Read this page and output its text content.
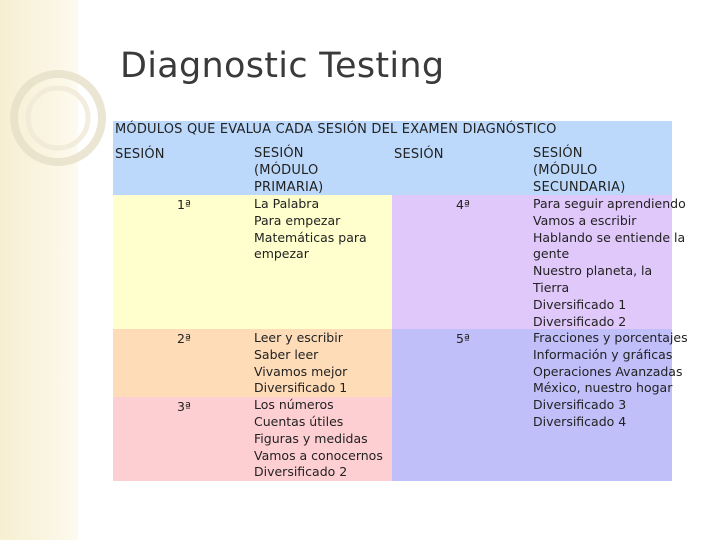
Diagnostic Testing
MÓDULOS QUE EVALUA CADA SESIÓN DEL EXAMEN DIAGNÓSTICO
SESIÓN	SESIÓN
(MÓDULO
PRIMARIA)
SESIÓN	SESIÓN
(MÓDULO
SECUNDARIA)
1ª
2ª
3ª
4ª
5ª
La Palabra
Para empezar
Matemáticas para
empezar
Leer y escribir
Saber leer
Vivamos mejor
Diversificado 1
Los números
Cuentas útiles
Figuras y medidas
Vamos a conocernos
Diversificado 2
Para seguir aprendiendo
Vamos a escribir
Hablando se entiende la
gente
Nuestro planeta, la
Tierra
Diversificado 1
Diversificado 2
Fracciones y porcentajes
Información y gráficas
Operaciones Avanzadas
México, nuestro hogar
Diversificado 3
Diversificado 4
